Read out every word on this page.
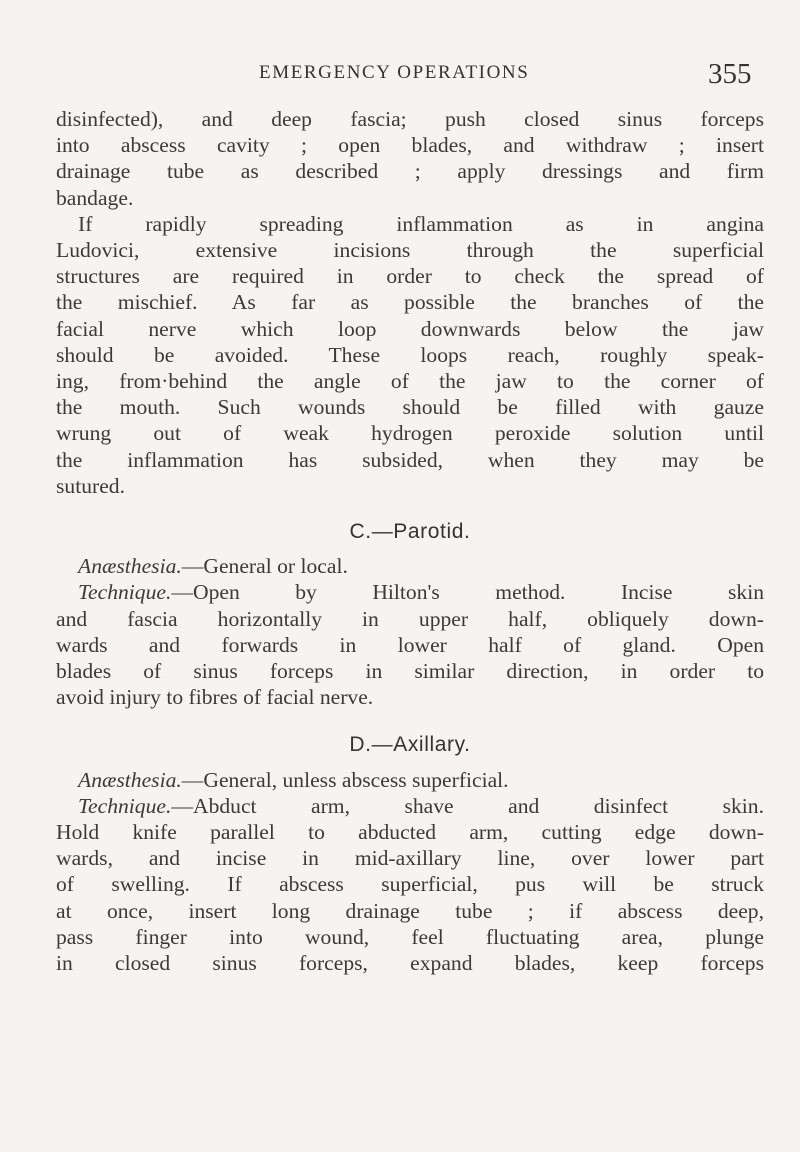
EMERGENCY OPERATIONS	355
disinfected), and deep fascia; push closed sinus forceps
into abscess cavity ; open blades, and withdraw ; insert
drainage tube as described ; apply dressings and firm
bandage.
If rapidly spreading inflammation as in angina
Ludovici, extensive incisions through the superficial
structures are required in order to check the spread of
the mischief. As far as possible the branches of the
facial nerve which loop downwards below the jaw
should be avoided. These loops reach, roughly speak-
ing, from·behind the angle of the jaw to the corner of
the mouth. Such wounds should be filled with gauze
wrung out of weak hydrogen peroxide solution until
the inflammation has subsided, when they may be
sutured.
C.—Parotid.
Anæsthesia.—General or local.
Technique.—Open by Hilton's method. Incise skin
and fascia horizontally in upper half, obliquely down-
wards and forwards in lower half of gland. Open
blades of sinus forceps in similar direction, in order to
avoid injury to fibres of facial nerve.
D.—Axillary.
Anæsthesia.—General, unless abscess superficial.
Technique.—Abduct arm, shave and disinfect skin.
Hold knife parallel to abducted arm, cutting edge down-
wards, and incise in mid-axillary line, over lower part
of swelling. If abscess superficial, pus will be struck
at once, insert long drainage tube ; if abscess deep,
pass finger into wound, feel fluctuating area, plunge
in closed sinus forceps, expand blades, keep forceps
